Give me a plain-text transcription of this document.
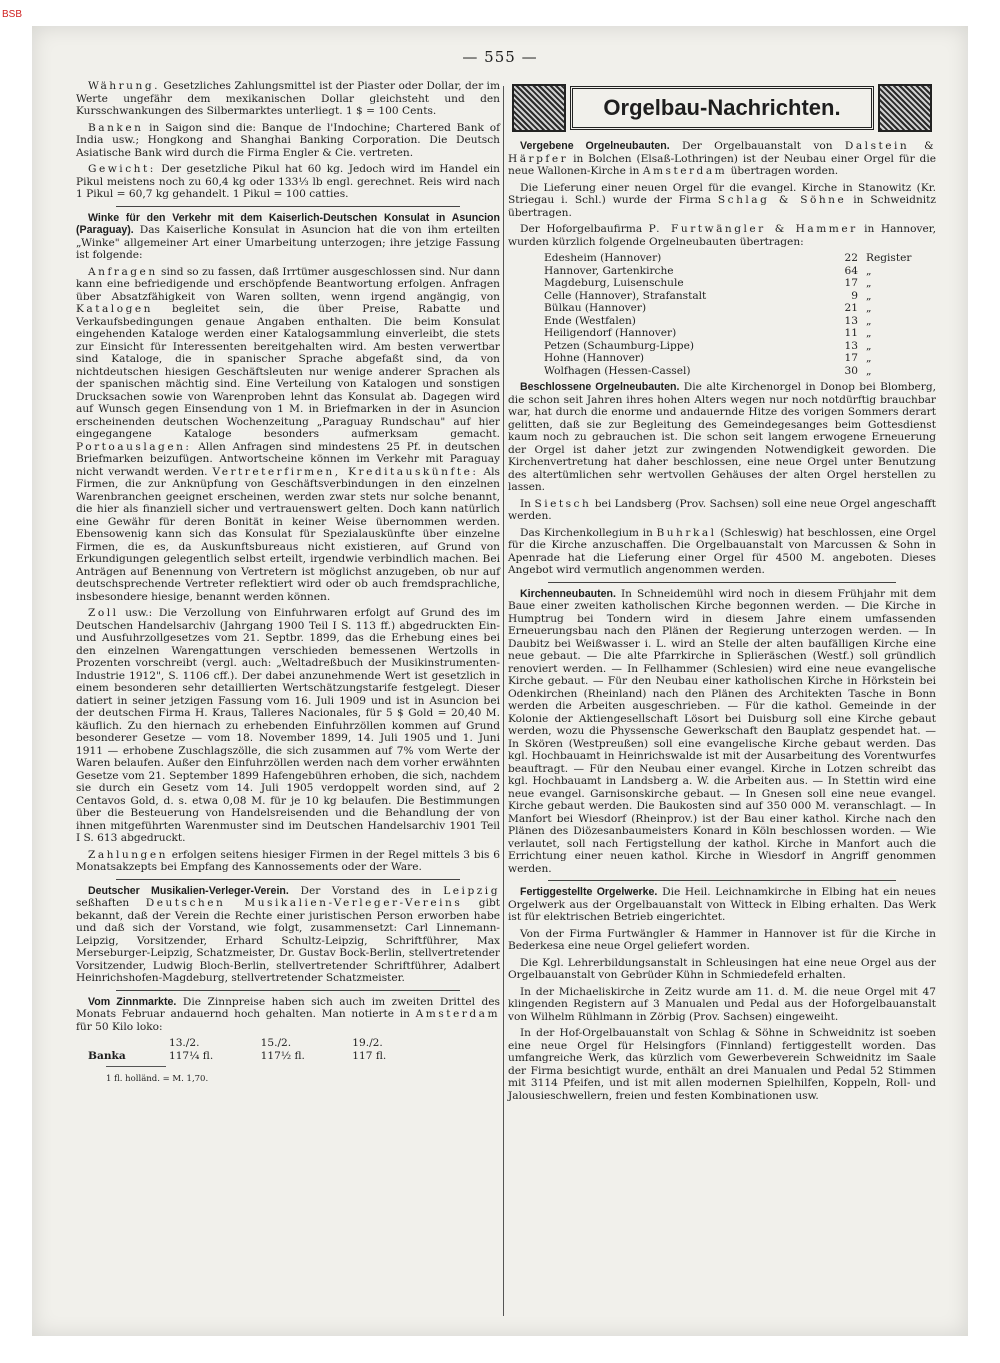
BSB
— 555 —

Währung. Gesetzliches Zahlungsmittel ist der Piaster oder Dollar, der im Werte ungefähr dem mexikanischen Dollar gleichsteht und den Kursschwankungen des Silbermarktes unterliegt. 1 $ = 100 Cents.

Banken in Saigon sind die: Banque de l'Indochine; Chartered Bank of India usw.; Hongkong and Shanghai Banking Corporation. Die Deutsch Asiatische Bank wird durch die Firma Engler & Cie. vertreten.

Gewicht: Der gesetzliche Pikul hat 60 kg. Jedoch wird im Handel ein Pikul meistens noch zu 60,4 kg oder 133⅓ lb engl. gerechnet. Reis wird nach 1 Pikul = 60,7 kg gehandelt. 1 Pikul = 100 catties.

Winke für den Verkehr mit dem Kaiserlich-Deutschen Konsulat in Asuncion (Paraguay). Das Kaiserliche Konsulat in Asuncion hat die von ihm erteilten „Winke" allgemeiner Art einer Umarbeitung unterzogen; ihre jetzige Fassung ist folgende:

Anfragen sind so zu fassen, daß Irrtümer ausgeschlossen sind. Nur dann kann eine befriedigende und erschöpfende Beantwortung erfolgen. Anfragen über Absatzfähigkeit von Waren sollten, wenn irgend angängig, von Katalogen begleitet sein, die über Preise, Rabatte und Verkaufsbedingungen genaue Angaben enthalten. Die beim Konsulat eingehenden Kataloge werden einer Katalogsammlung einverleibt, die stets zur Einsicht für Interessenten bereitgehalten wird. Am besten verwertbar sind Kataloge, die in spanischer Sprache abgefaßt sind, da von nichtdeutschen hiesigen Geschäftsleuten nur wenige anderer Sprachen als der spanischen mächtig sind. Eine Verteilung von Katalogen und sonstigen Drucksachen sowie von Warenproben lehnt das Konsulat ab. Dagegen wird auf Wunsch gegen Einsendung von 1 M. in Briefmarken in der in Asuncion erscheinenden deutschen Wochenzeitung „Paraguay Rundschau" auf hier eingegangene Kataloge besonders aufmerksam gemacht. Portoauslagen: Allen Anfragen sind mindestens 25 Pf. in deutschen Briefmarken beizufügen. Antwortscheine können im Verkehr mit Paraguay nicht verwandt werden. Vertreterfirmen, Kreditauskünfte: Als Firmen, die zur Anknüpfung von Geschäftsverbindungen in den einzelnen Warenbranchen geeignet erscheinen, werden zwar stets nur solche benannt, die hier als finanziell sicher und vertrauenswert gelten. Doch kann natürlich eine Gewähr für deren Bonität in keiner Weise übernommen werden. Ebensowenig kann sich das Konsulat für Spezialauskünfte über einzelne Firmen, die es, da Auskunftsbureaus nicht existieren, auf Grund von Erkundigungen gelegentlich selbst erteilt, irgendwie verbindlich machen. Bei Anträgen auf Benennung von Vertretern ist möglichst anzugeben, ob nur auf deutschsprechende Vertreter reflektiert wird oder ob auch fremdsprachliche, insbesondere hiesige, benannt werden können.

Zoll usw.: Die Verzollung von Einfuhrwaren erfolgt auf Grund des im Deutschen Handelsarchiv (Jahrgang 1900 Teil I S. 113 ff.) abgedruckten Ein- und Ausfuhrzollgesetzes vom 21. Septbr. 1899, das die Erhebung eines bei den einzelnen Warengattungen verschieden bemessenen Wertzolls in Prozenten vorschreibt (vergl. auch: „Weltadreßbuch der Musikinstrumenten-Industrie 1912", S. 1106 cff.). Der dabei anzunehmende Wert ist gesetzlich in einem besonderen sehr detaillierten Wertschätzungstarife festgelegt. Dieser datiert in seiner jetzigen Fassung vom 16. Juli 1909 und ist in Asuncion bei der deutschen Firma H. Kraus, Talleres Nacionales, für 5 $ Gold = 20,40 M. käuflich. Zu den hiernach zu erhebenden Einfuhrzöllen kommen auf Grund besonderer Gesetze — vom 18. November 1899, 14. Juli 1905 und 1. Juni 1911 — erhobene Zuschlagszölle, die sich zusammen auf 7% vom Werte der Waren belaufen. Außer den Einfuhrzöllen werden nach dem vorher erwähnten Gesetze vom 21. September 1899 Hafengebühren erhoben, die sich, nachdem sie durch ein Gesetz vom 14. Juli 1905 verdoppelt worden sind, auf 2 Centavos Gold, d. s. etwa 0,08 M. für je 10 kg belaufen. Die Bestimmungen über die Besteuerung von Handelsreisenden und die Behandlung der von ihnen mitgeführten Warenmuster sind im Deutschen Handelsarchiv 1901 Teil I S. 613 abgedruckt.

Zahlungen erfolgen seitens hiesiger Firmen in der Regel mittels 3 bis 6 Monatsakzepts bei Empfang des Kannossements oder der Ware.

Deutscher Musikalien-Verleger-Verein. Der Vorstand des in Leipzig seßhaften Deutschen Musikalien-Verleger-Vereins gibt bekannt, daß der Verein die Rechte einer juristischen Person erworben habe und daß sich der Vorstand, wie folgt, zusammensetzt: Carl Linnemann-Leipzig, Vorsitzender, Erhard Schultz-Leipzig, Schriftführer, Max Merseburger-Leipzig, Schatzmeister, Dr. Gustav Bock-Berlin, stellvertretender Vorsitzender, Ludwig Bloch-Berlin, stellvertretender Schriftführer, Adalbert Heinrichshofen-Magdeburg, stellvertretender Schatzmeister.

Vom Zinnmarkte. Die Zinnpreise haben sich auch im zweiten Drittel des Monats Februar andauernd hoch gehalten. Man notierte in Amsterdam für 50 Kilo loko:

	13./2.	15./2.	19./2.
Banka	117¼ fl.	117½ fl.	117 fl.
1 fl. holländ. = M. 1,70.
Orgelbau-Nachrichten.

Vergebene Orgelneubauten. Der Orgelbauanstalt von Dalstein & Härpfer in Bolchen (Elsaß-Lothringen) ist der Neubau einer Orgel für die neue Wallonen-Kirche in Amsterdam übertragen worden.

Die Lieferung einer neuen Orgel für die evangel. Kirche in Stanowitz (Kr. Striegau i. Schl.) wurde der Firma Schlag & Söhne in Schweidnitz übertragen.

Der Hoforgelbaufirma P. Furtwängler & Hammer in Hannover, wurden kürzlich folgende Orgelneubauten übertragen:

Edesheim (Hannover)	22	Register
Hannover, Gartenkirche	64	„
Magdeburg, Luisenschule	17	„
Celle (Hannover), Strafanstalt	9	„
Bülkau (Hannover)	21	„
Ende (Westfalen)	13	„
Heiligendorf (Hannover)	11	„
Petzen (Schaumburg-Lippe)	13	„
Hohne (Hannover)	17	„
Wolfhagen (Hessen-Cassel)	30	„

Beschlossene Orgelneubauten. Die alte Kirchenorgel in Donop bei Blomberg, die schon seit Jahren ihres hohen Alters wegen nur noch notdürftig brauchbar war, hat durch die enorme und andauernde Hitze des vorigen Sommers derart gelitten, daß sie zur Begleitung des Gemeindegesanges beim Gottesdienst kaum noch zu gebrauchen ist. Die schon seit langem erwogene Erneuerung der Orgel ist daher jetzt zur zwingenden Notwendigkeit geworden. Die Kirchenvertretung hat daher beschlossen, eine neue Orgel unter Benutzung des altertümlichen sehr wertvollen Gehäuses der alten Orgel herstellen zu lassen.

In Sietsch bei Landsberg (Prov. Sachsen) soll eine neue Orgel angeschafft werden.

Das Kirchenkollegium in Buhrkal (Schleswig) hat beschlossen, eine Orgel für die Kirche anzuschaffen. Die Orgelbauanstalt von Marcussen & Sohn in Apenrade hat die Lieferung einer Orgel für 4500 M. angeboten. Dieses Angebot wird vermutlich angenommen werden.

Kirchenneubauten. In Schneidemühl wird noch in diesem Frühjahr mit dem Baue einer zweiten katholischen Kirche begonnen werden. — Die Kirche in Humptrug bei Tondern wird in diesem Jahre einem umfassenden Erneuerungsbau nach den Plänen der Regierung unterzogen werden. — In Daubitz bei Weißwasser i. L. wird an Stelle der alten baufälligen Kirche eine neue gebaut. — Die alte Pfarrkirche in Splieräschen (Westf.) soll gründlich renoviert werden. — In Fellhammer (Schlesien) wird eine neue evangelische Kirche gebaut. — Für den Neubau einer katholischen Kirche in Hörkstein bei Odenkirchen (Rheinland) nach den Plänen des Architekten Tasche in Bonn werden die Arbeiten ausgeschrieben. — Für die kathol. Gemeinde in der Kolonie der Aktiengesellschaft Lösort bei Duisburg soll eine Kirche gebaut werden, wozu die Physsensche Gewerkschaft den Bauplatz gespendet hat. — In Skören (Westpreußen) soll eine evangelische Kirche gebaut werden. Das kgl. Hochbauamt in Heinrichswalde ist mit der Ausarbeitung des Vorentwurfes beauftragt. — Für den Neubau einer evangel. Kirche in Lotzen schreibt das kgl. Hochbauamt in Landsberg a. W. die Arbeiten aus. — In Stettin wird eine neue evangel. Garnisonskirche gebaut. — In Gnesen soll eine neue evangel. Kirche gebaut werden. Die Baukosten sind auf 350 000 M. veranschlagt. — In Manfort bei Wiesdorf (Rheinprov.) ist der Bau einer kathol. Kirche nach den Plänen des Diözesanbaumeisters Konard in Köln beschlossen worden. — Wie verlautet, soll nach Fertigstellung der kathol. Kirche in Manfort auch die Errichtung einer neuen kathol. Kirche in Wiesdorf in Angriff genommen werden.

Fertiggestellte Orgelwerke. Die Heil. Leichnamkirche in Elbing hat ein neues Orgelwerk aus der Orgelbauanstalt von Witteck in Elbing erhalten. Das Werk ist für elektrischen Betrieb eingerichtet.

Von der Firma Furtwängler & Hammer in Hannover ist für die Kirche in Bederkesa eine neue Orgel geliefert worden.

Die Kgl. Lehrerbildungsanstalt in Schleusingen hat eine neue Orgel aus der Orgelbauanstalt von Gebrüder Kühn in Schmiedefeld erhalten.

In der Michaeliskirche in Zeitz wurde am 11. d. M. die neue Orgel mit 47 klingenden Registern auf 3 Manualen und Pedal aus der Hoforgelbauanstalt von Wilhelm Rühlmann in Zörbig (Prov. Sachsen) eingeweiht.

In der Hof-Orgelbauanstalt von Schlag & Söhne in Schweidnitz ist soeben eine neue Orgel für Helsingfors (Finnland) fertiggestellt worden. Das umfangreiche Werk, das kürzlich vom Gewerbeverein Schweidnitz im Saale der Firma besichtigt wurde, enthält an drei Manualen und Pedal 52 Stimmen mit 3114 Pfeifen, und ist mit allen modernen Spielhilfen, Koppeln, Roll- und Jalousieschwellern, freien und festen Kombinationen usw.
